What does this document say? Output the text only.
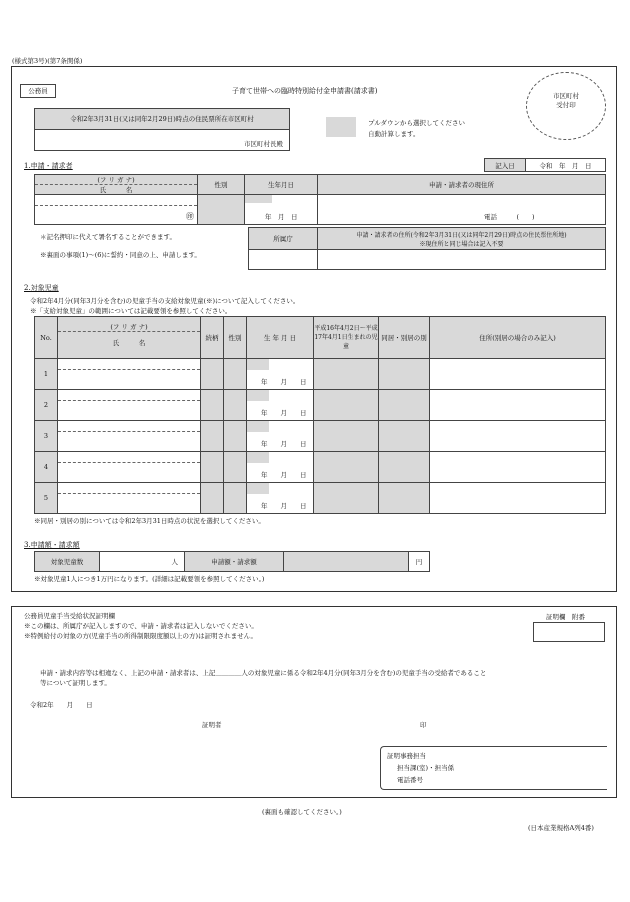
(様式第3号)(第7条関係)
公務員	子育て世帯への臨時特別給付金申請書(請求書)
市区町村
受付印
令和2年3月31日(又は同年2月29日)時点の住民票所在市区町村
市区町村長殿
プルダウンから選択してください
自動計算します。
1.申請・請求者	記入日	令和　年　月　日
(フ リ ガ ナ)
氏　　　名	性別	生年月日	申請・請求者の現住所

㊞		年　月　日	電話　　　(　　)
＊記名押印に代えて署名することができます。
※裏面の事項(1)～(6)に誓約・同意の上、申請します。
所属庁	申請・請求者の住所(令和2年3月31日(又は同年2月29日)時点の住民票住所地)
※現住所と同じ場合は記入不要

2.対象児童
令和2年4月分(同年3月分を含む)の児童手当の支給対象児童(※)について記入してください。
※「支給対象児童」の範囲については記載要領を参照してください。
No.	(フ リ ガ ナ)
氏　　　名	続柄	性別	生 年 月 日	平成16年4月2日～平成17年4月1日生まれの児童	同居・別居の別	住所(別居の場合のみ記入)
1				年　　月　　日			

2				年　　月　　日			

3				年　　月　　日			

4				年　　月　　日			

5				年　　月　　日			

※同居・別居の別については令和2年3月31日時点の状況を選択してください。
3.申請額・請求額
対象児童数	人	申請額・請求額		円
※対象児童1人につき1万円になります。(詳細は記載要領を参照してください。)
公務員児童手当受給状況証明欄
※この欄は、所属庁が記入しますので、申請・請求者は記入しないでください。
※特例給付の対象の方(児童手当の所得制限限度額以上の方)は証明されません。
証明欄　附番
申請・請求内容等は相違なく、上記の申請・請求者は、上記＿＿＿＿人の対象児童に係る令和2年4月分(同年3月分を含む)の児童手当の受給者であること
等について証明します。
令和2年　　月　　日
証明者	印
証明事務担当
担当課(室)・担当係
電話番号
(裏面も確認してください。)
(日本産業規格A列4番)
